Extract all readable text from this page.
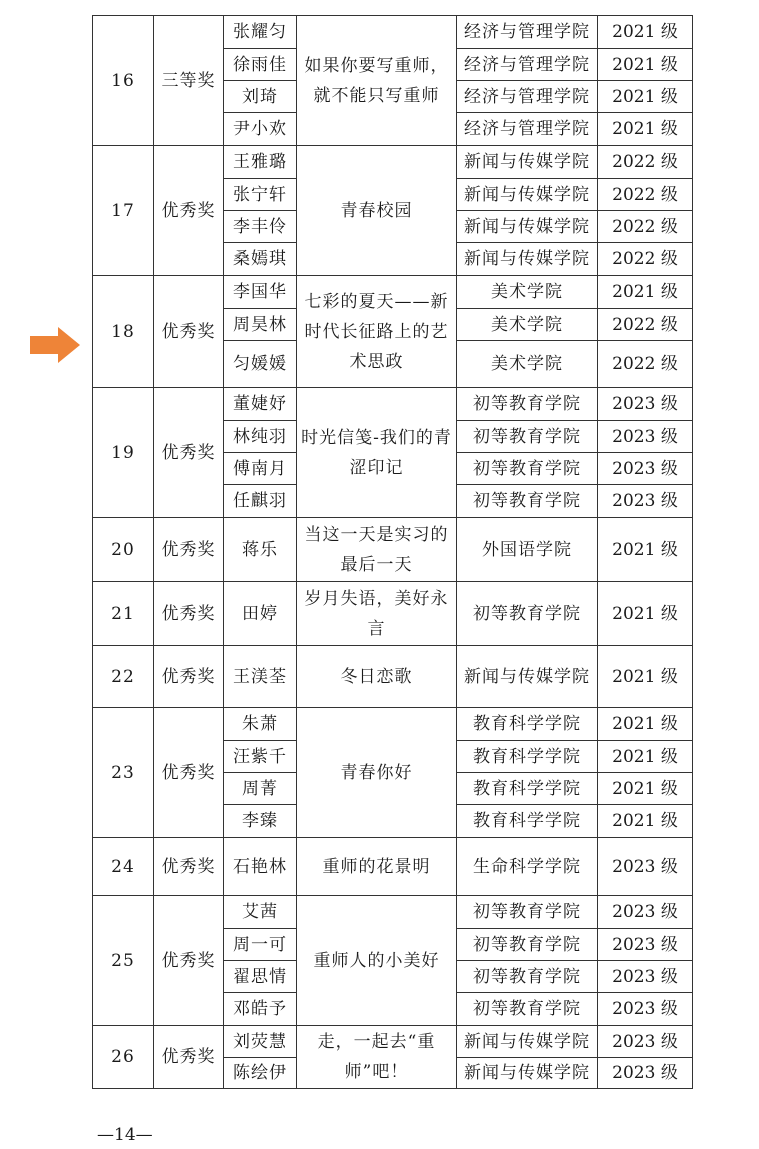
16	三等奖	张耀匀	如果你要写重师，就不能只写重师	经济与管理学院	2021 级
		徐雨佳		经济与管理学院	2021 级
		刘琦		经济与管理学院	2021 级
		尹小欢		经济与管理学院	2021 级
17	优秀奖	王雅璐	青春校园	新闻与传媒学院	2022 级
		张宁轩		新闻与传媒学院	2022 级
		李丰伶		新闻与传媒学院	2022 级
		桑嫣琪		新闻与传媒学院	2022 级
18	优秀奖	李国华	七彩的夏天——新时代长征路上的艺术思政	美术学院	2021 级
		周昊林		美术学院	2022 级
		匀媛媛		美术学院	2022 级
19	优秀奖	董婕妤	时光信笺-我们的青涩印记	初等教育学院	2023 级
		林纯羽		初等教育学院	2023 级
		傅南月		初等教育学院	2023 级
		任麒羽		初等教育学院	2023 级
20	优秀奖	蒋乐	当这一天是实习的最后一天	外国语学院	2021 级
21	优秀奖	田婷	岁月失语，美好永言	初等教育学院	2021 级
22	优秀奖	王渼荃	冬日恋歌	新闻与传媒学院	2021 级
23	优秀奖	朱萧	青春你好	教育科学学院	2021 级
		汪紫千		教育科学学院	2021 级
		周菁		教育科学学院	2021 级
		李臻		教育科学学院	2021 级
24	优秀奖	石艳林	重师的花景明	生命科学学院	2023 级
25	优秀奖	艾茜	重师人的小美好	初等教育学院	2023 级
		周一可		初等教育学院	2023 级
		翟思情		初等教育学院	2023 级
		邓皓予		初等教育学院	2023 级
26	优秀奖	刘荧慧	走，一起去“重师”吧！	新闻与传媒学院	2023 级
		陈绘伊		新闻与传媒学院	2023 级
—14—
